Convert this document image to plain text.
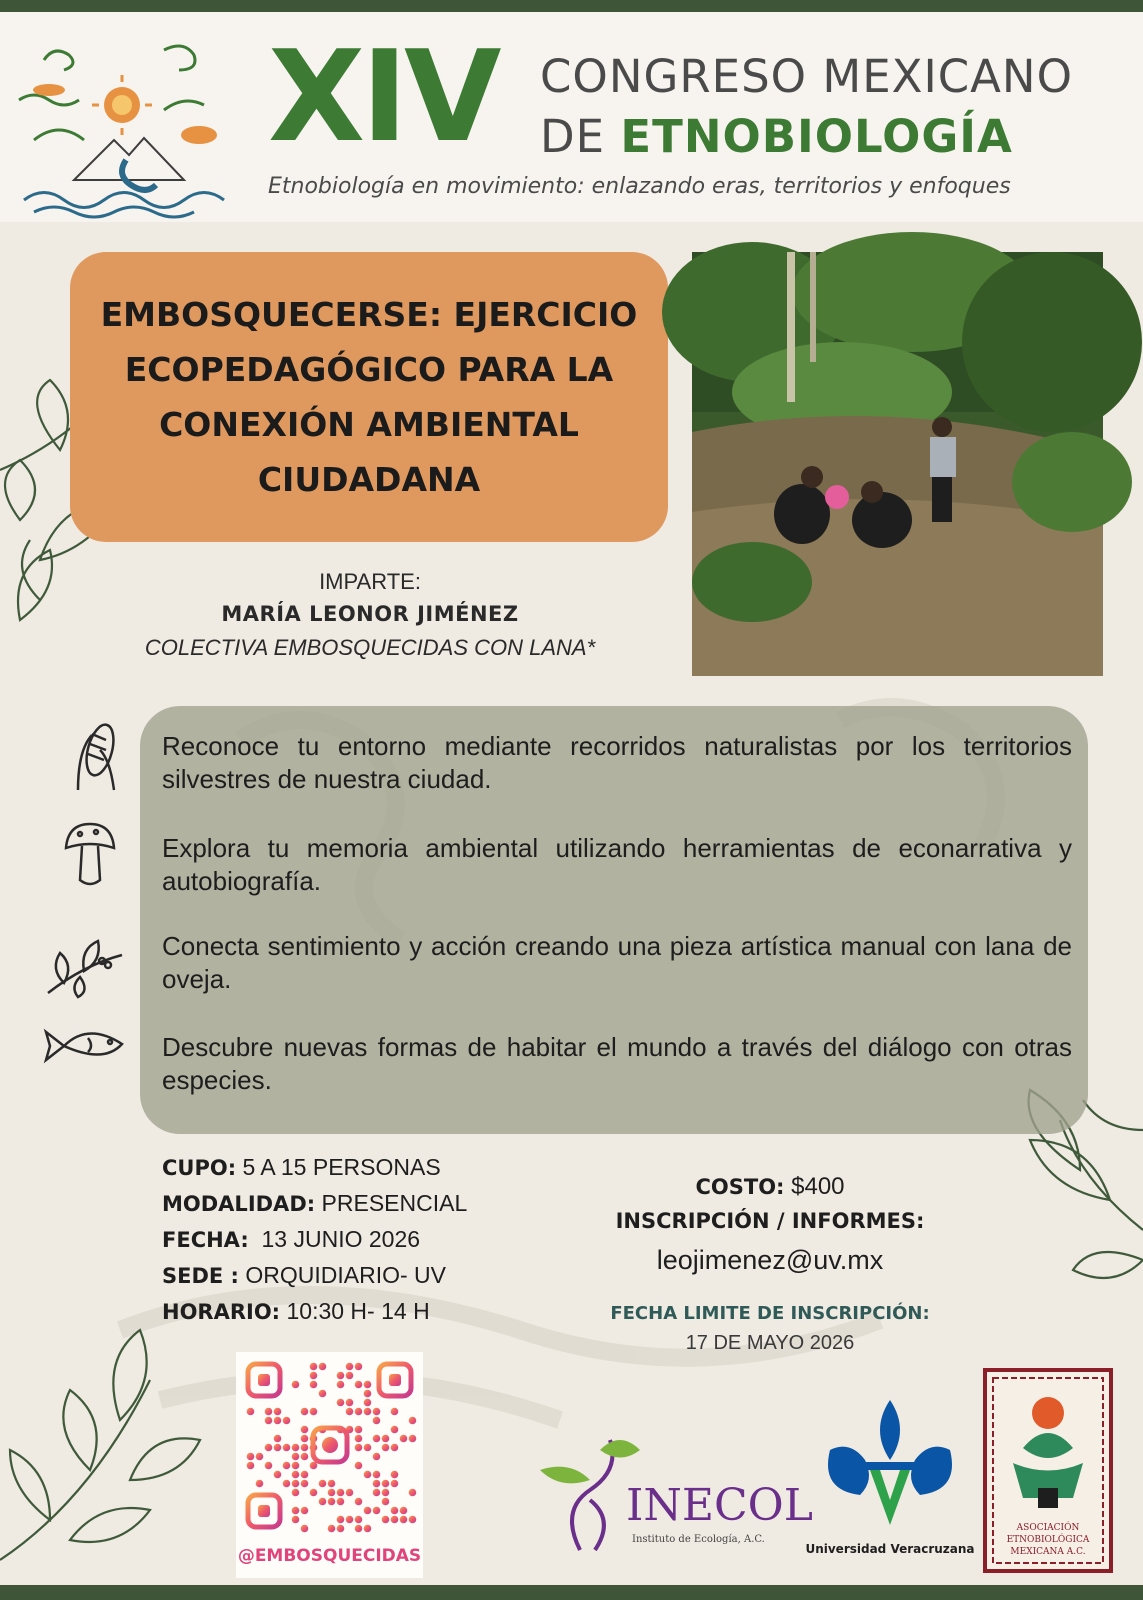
XIV CONGRESO MEXICANO
DE ETNOBIOLOGÍA
Etnobiología en movimiento: enlazando eras, territorios y enfoques
EMBOSQUECERSE: EJERCICIO ECOPEDAGÓGICO PARA LA CONEXIÓN AMBIENTAL CIUDADANA
IMPARTE:
MARÍA LEONOR JIMÉNEZ
COLECTIVA EMBOSQUECIDAS CON LANA*
Reconoce tu entorno mediante recorridos naturalistas por los territorios silvestres de nuestra ciudad.
Explora tu memoria ambiental utilizando herramientas de econarrativa y autobiografía.
Conecta sentimiento y acción creando una pieza artística manual con lana de oveja.
Descubre nuevas formas de habitar el mundo a través del diálogo con otras especies.
CUPO: 5 A 15 PERSONAS
MODALIDAD: PRESENCIAL
FECHA:  13 JUNIO 2026
SEDE : ORQUIDIARIO- UV
HORARIO: 10:30 H- 14 H
COSTO: $400
INSCRIPCIÓN / INFORMES:
leojimenez@uv.mx
FECHA LIMITE DE INSCRIPCIÓN:
17 DE MAYO 2026
@EMBOSQUECIDAS
INECOL
Instituto de Ecología, A.C.
Universidad Veracruzana
ASOCIACIÓN
ETNOBIOLÓGICA
MEXICANA A.C.
